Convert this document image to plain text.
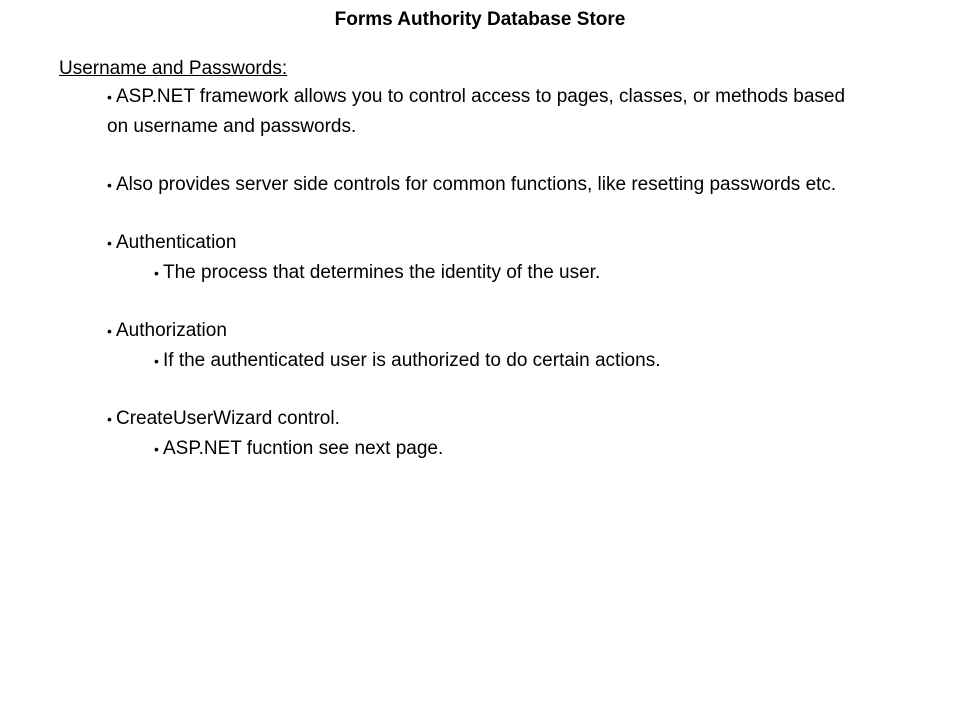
Forms Authority Database Store
Username and Passwords:
• ASP.NET framework allows you to control access to pages, classes, or methods based
on username and passwords.
• Also provides server side controls for common functions, like resetting passwords etc.
• Authentication
• The process that determines the identity of the user.
• Authorization
• If the authenticated user is authorized to do certain actions.
• CreateUserWizard control.
• ASP.NET fucntion see next page.
